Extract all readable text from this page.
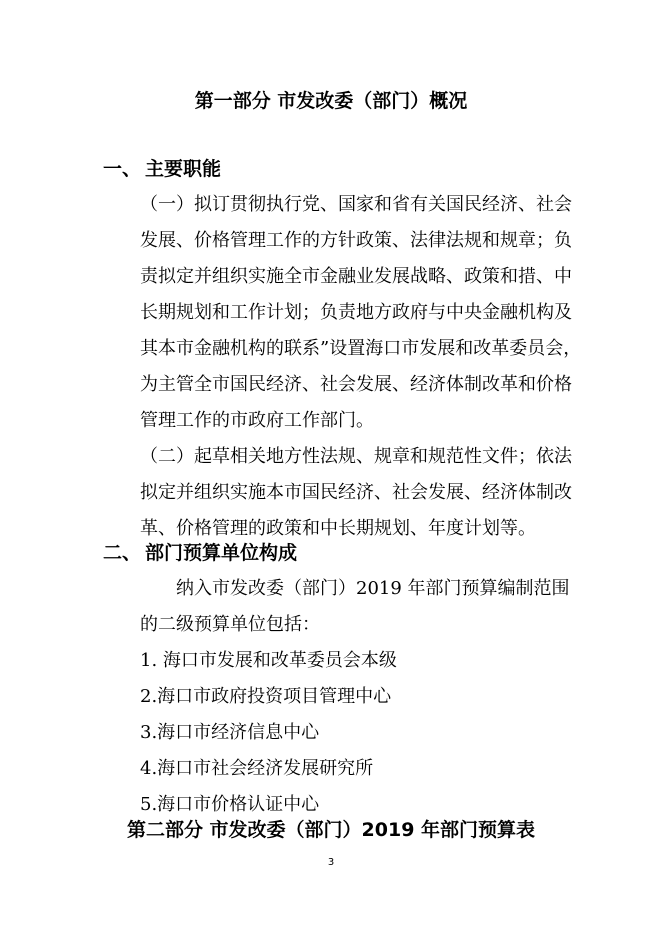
第一部分 市发改委（部门）概况
一、 主要职能
（一）拟订贯彻执行党、国家和省有关国民经济、社会
发展、价格管理工作的方针政策、法律法规和规章；负
责拟定并组织实施全市金融业发展战略、政策和措、中
长期规划和工作计划；负责地方政府与中央金融机构及
其本市金融机构的联系”设置海口市发展和改革委员会，
为主管全市国民经济、社会发展、经济体制改革和价格
管理工作的市政府工作部门。
（二）起草相关地方性法规、规章和规范性文件；依法
拟定并组织实施本市国民经济、社会发展、经济体制改
革、价格管理的政策和中长期规划、年度计划等。
二、 部门预算单位构成
纳入市发改委（部门）2019 年部门预算编制范围
的二级预算单位包括：
1. 海口市发展和改革委员会本级
2.海口市政府投资项目管理中心
3.海口市经济信息中心
4.海口市社会经济发展研究所
5.海口市价格认证中心
第二部分 市发改委（部门）2019 年部门预算表
3
